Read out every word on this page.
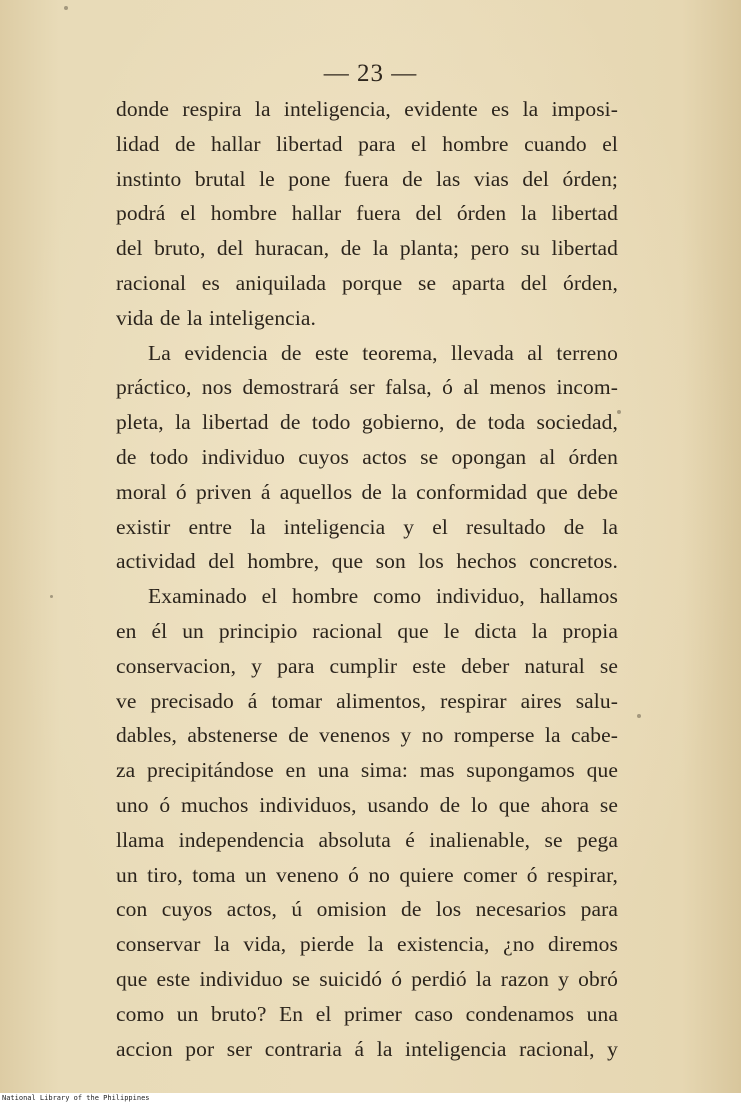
— 23 —
donde respira la inteligencia, evidente es la imposi-
lidad de hallar libertad para el hombre cuando el
instinto brutal le pone fuera de las vias del órden;
podrá el hombre hallar fuera del órden la libertad
del bruto, del huracan, de la planta; pero su libertad
racional es aniquilada porque se aparta del órden,
vida de la inteligencia.
La evidencia de este teorema, llevada al terreno
práctico, nos demostrará ser falsa, ó al menos incom-
pleta, la libertad de todo gobierno, de toda sociedad,
de todo individuo cuyos actos se opongan al órden
moral ó priven á aquellos de la conformidad que debe
existir entre la inteligencia y el resultado de la
actividad del hombre, que son los hechos concretos.
Examinado el hombre como individuo, hallamos
en él un principio racional que le dicta la propia
conservacion, y para cumplir este deber natural se
ve precisado á tomar alimentos, respirar aires salu-
dables, abstenerse de venenos y no romperse la cabe-
za precipitándose en una sima: mas supongamos que
uno ó muchos individuos, usando de lo que ahora se
llama independencia absoluta é inalienable, se pega
un tiro, toma un veneno ó no quiere comer ó respirar,
con cuyos actos, ú omision de los necesarios para
conservar la vida, pierde la existencia, ¿no diremos
que este individuo se suicidó ó perdió la razon y obró
como un bruto? En el primer caso condenamos una
accion por ser contraria á la inteligencia racional, y
National Library of the Philippines
